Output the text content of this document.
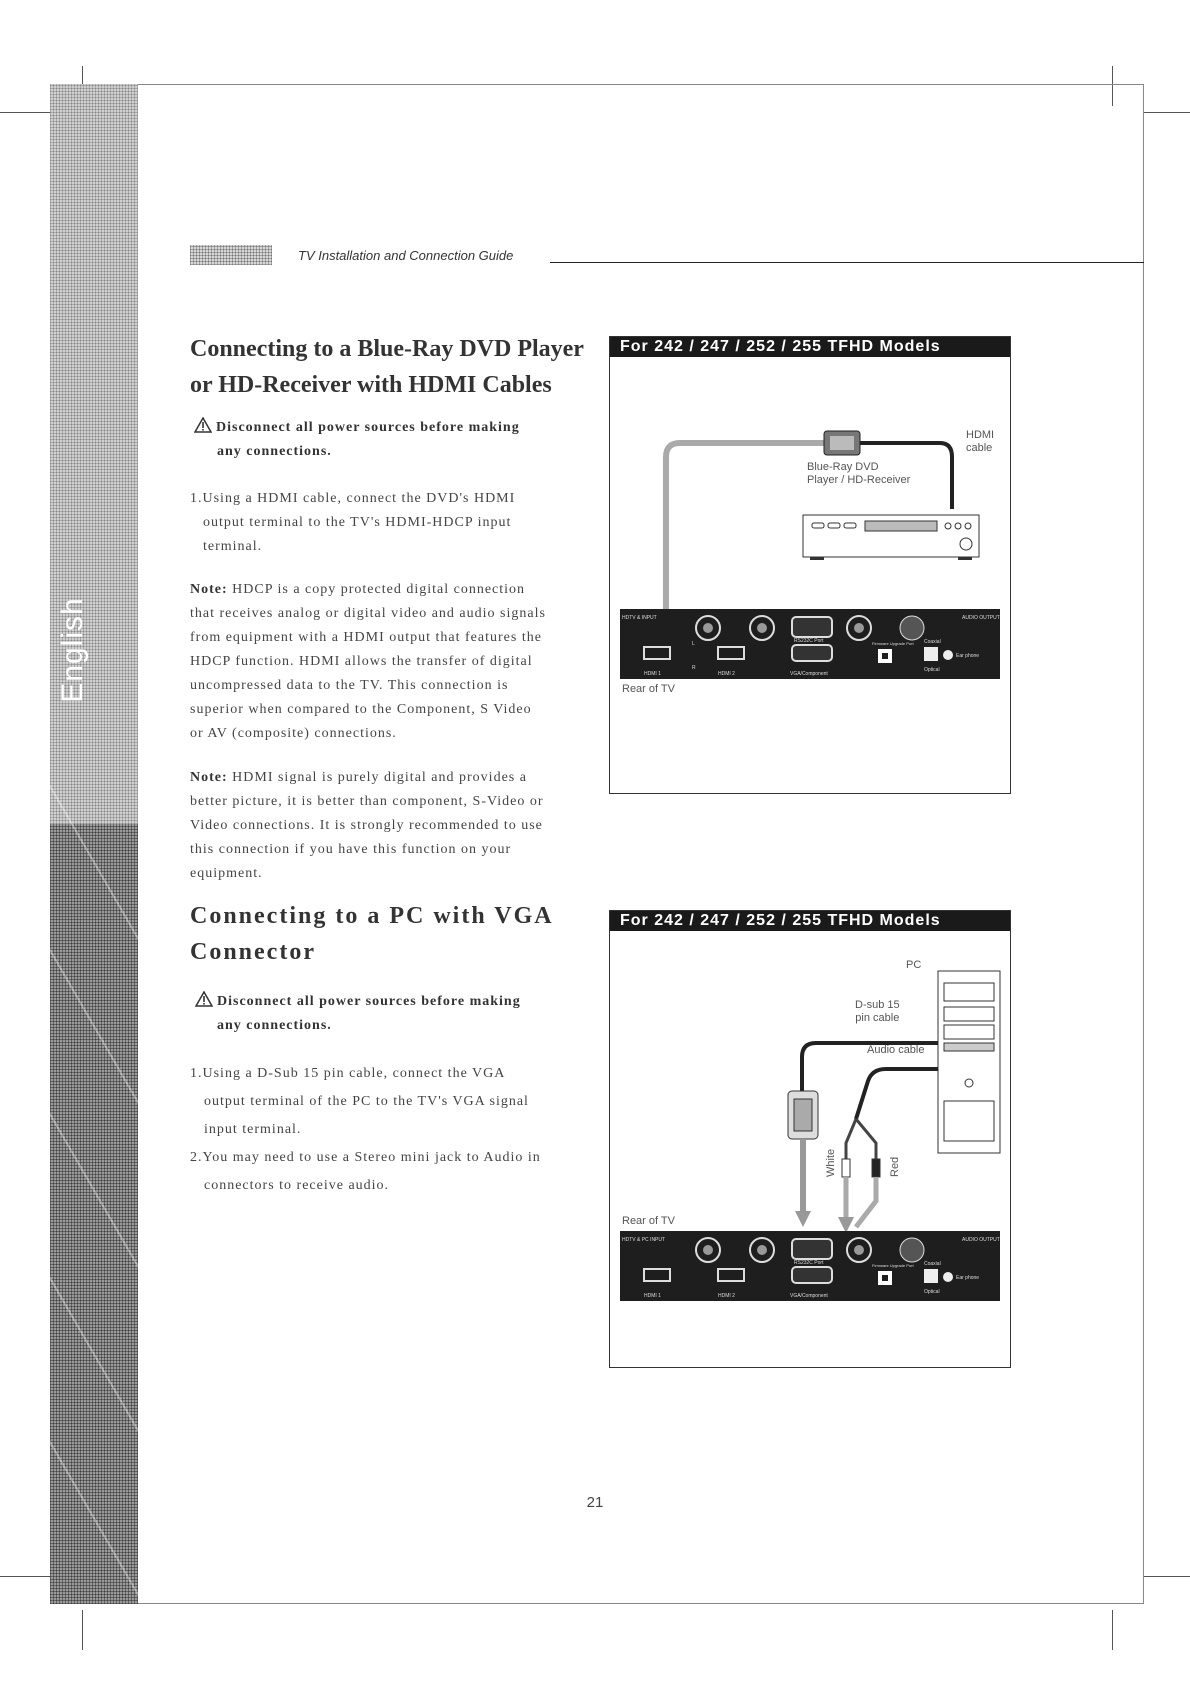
English
TV Installation and Connection Guide
Connecting to a Blue-Ray DVD Player
or HD-Receiver with HDMI Cables
Disconnect all power sources before making
any connections.
1.Using a HDMI cable, connect the DVD's HDMI
output terminal to the TV's HDMI-HDCP input
terminal.
Note: HDCP is a copy protected digital connection
that receives analog or digital video and audio signals
from equipment with a HDMI output that features the
HDCP function. HDMI allows the transfer of digital
uncompressed data to the TV. This connection is
superior when compared to the Component, S Video
or AV (composite) connections.
Note: HDMI signal is purely digital and provides a
better picture, it is better than component, S-Video or
Video connections. It is strongly recommended to use
this connection if you have this function on your
equipment.
For 242 / 247 / 252 / 255 TFHD Models
HDTV & INPUT
HDMI 1	HDMI 2
RS232C Port
VGA/Component
Firmware Upgrade Port
AUDIO OUTPUT
Coaxial
Optical
Ear phone
L
R
HDMI
cable
Blue-Ray DVD
Player / HD-Receiver
Rear of TV
Connecting to a PC with VGA
Connector
Disconnect all power sources before making
any connections.
1.Using a D-Sub 15 pin cable, connect the VGA
output terminal of the PC to the TV's VGA signal
input terminal.
2.You may need to use a Stereo mini jack to Audio in
connectors to receive audio.
For 242 / 247 / 252 / 255 TFHD Models
HDTV & PC INPUT
HDMI 1	HDMI 2
RS232C Port
VGA/Component
Firmware Upgrade Port
AUDIO OUTPUT
Coaxial
Optical
Ear phone
White	Red
PC
D-sub 15
pin cable
Audio cable
Rear of TV
21
